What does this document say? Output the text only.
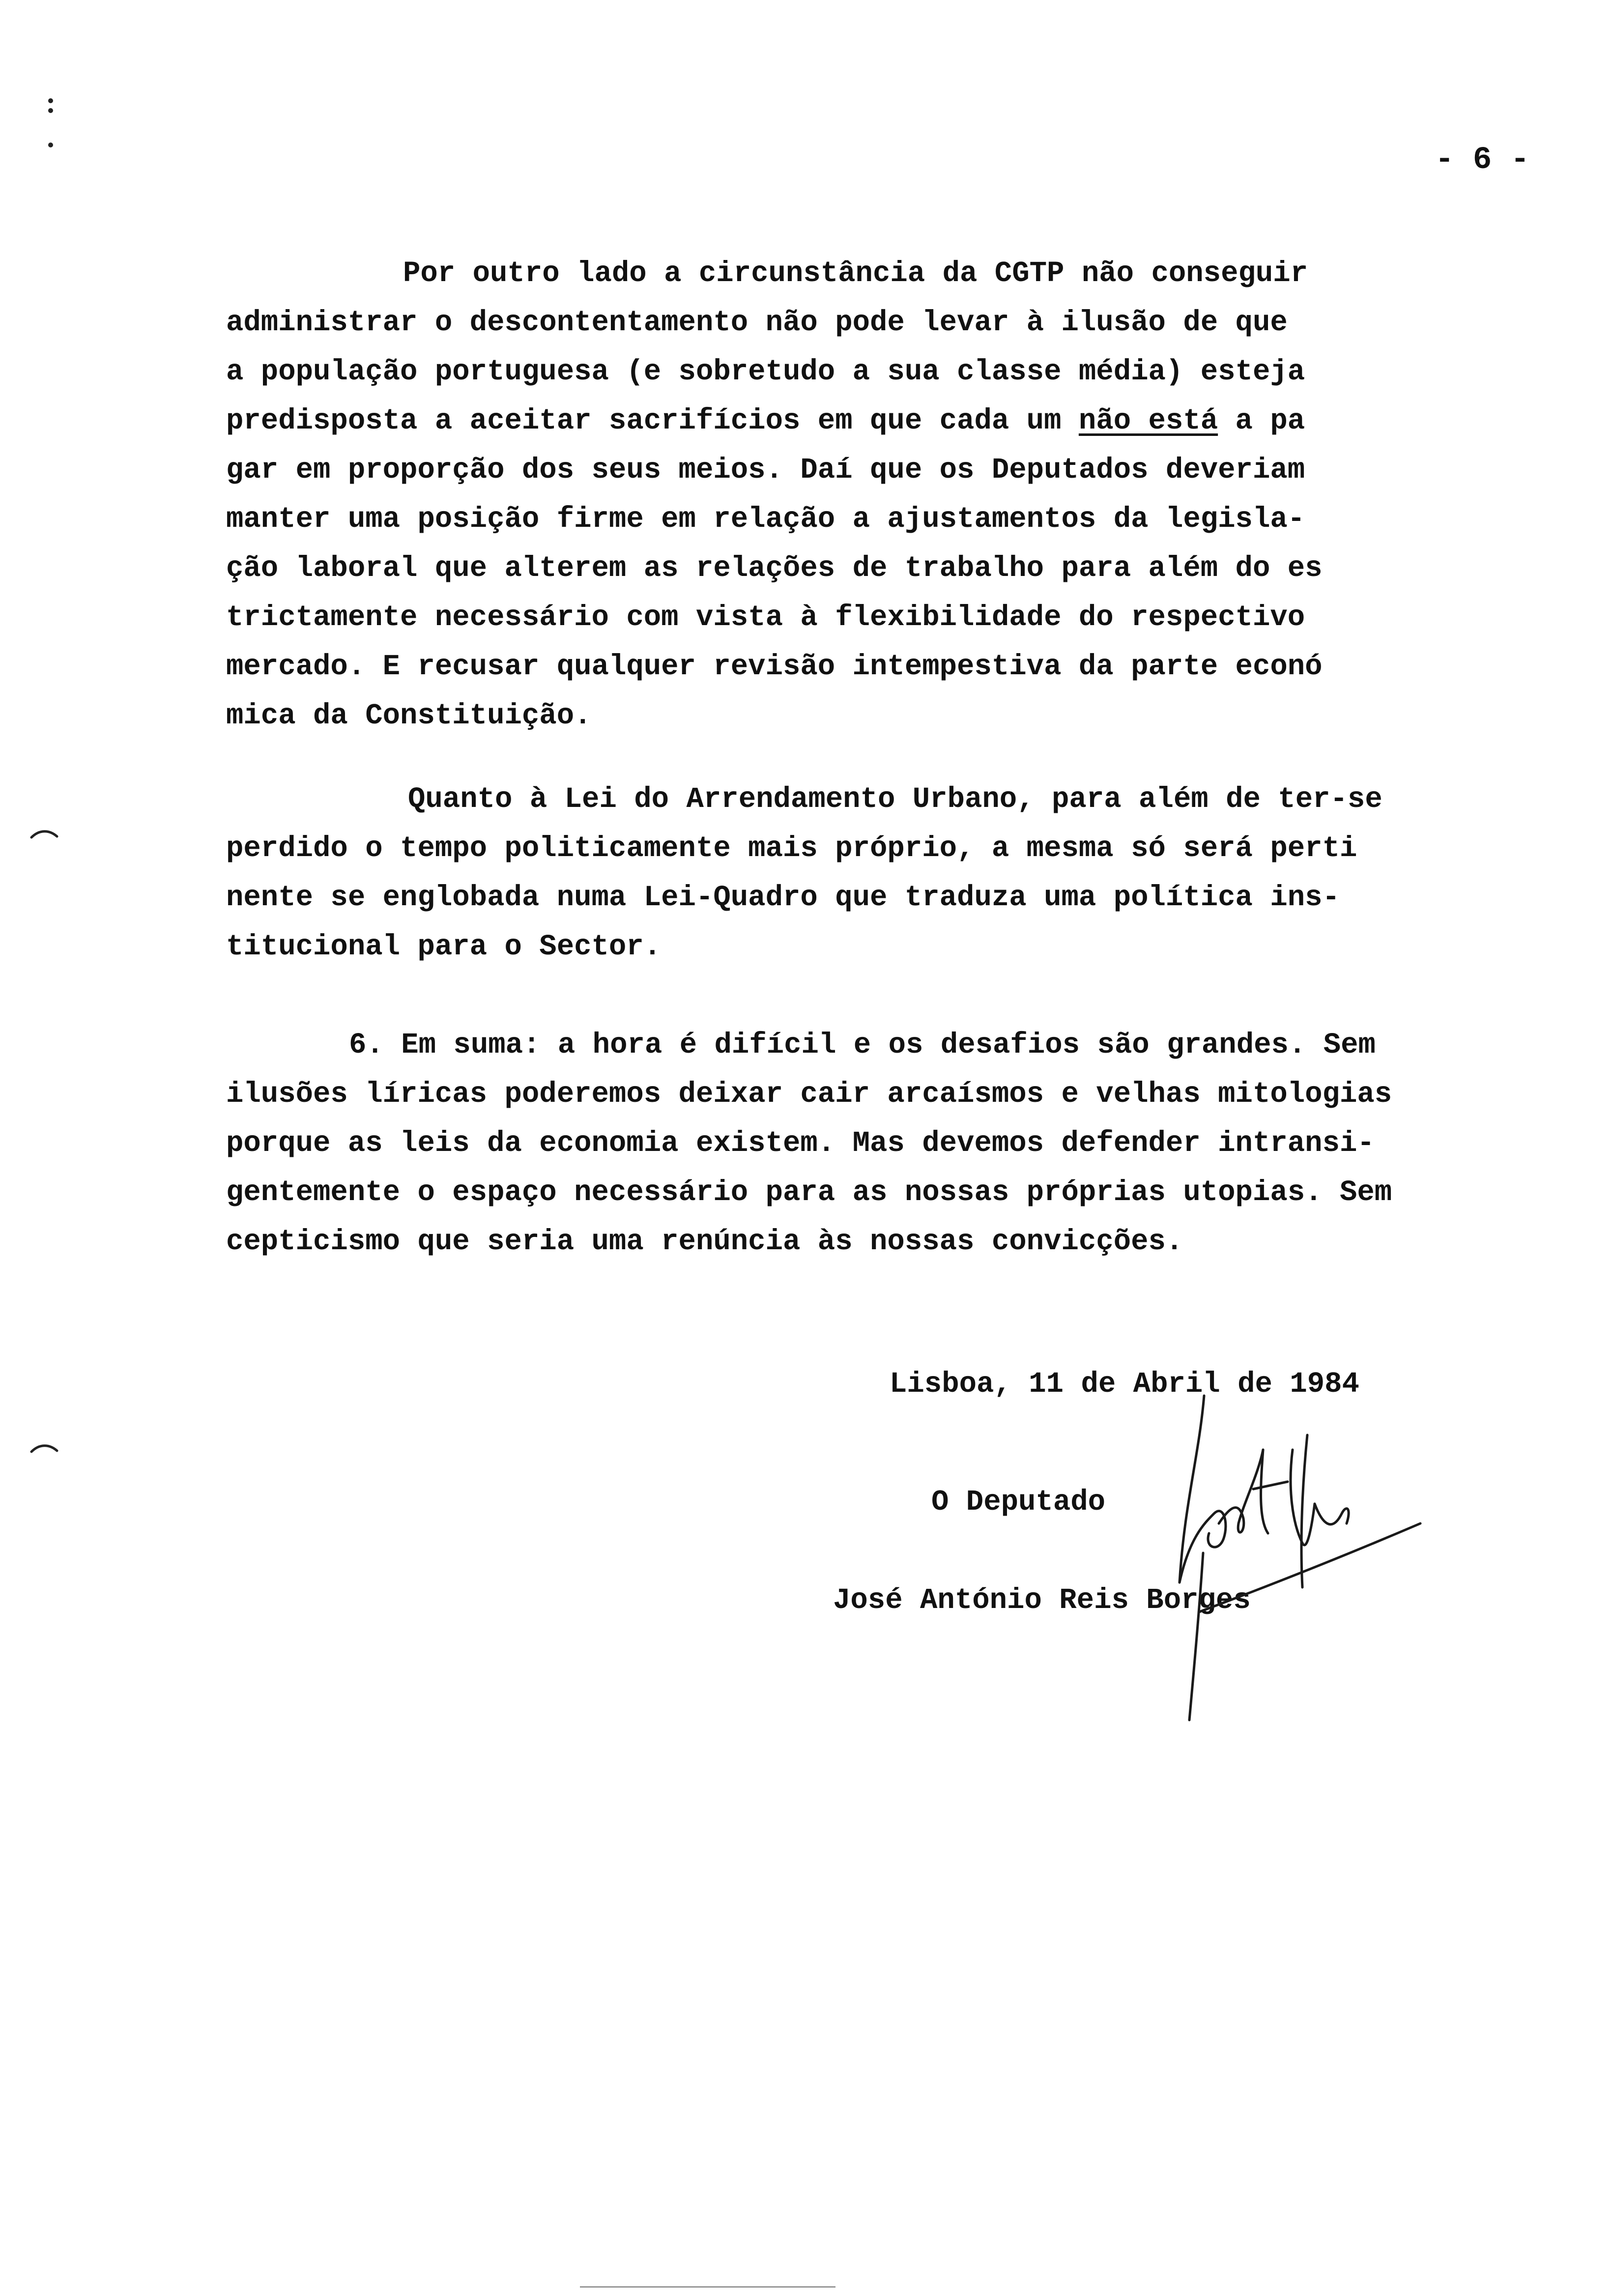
- 6 -
Por outro lado a circunstância da CGTP não conseguir
administrar o descontentamento não pode levar à ilusão de que
a população portuguesa (e sobretudo a sua classe média) esteja
predisposta a aceitar sacrifícios em que cada um não está a pa
gar em proporção dos seus meios. Daí que os Deputados deveriam
manter uma posição firme em relação a ajustamentos da legisla-
ção laboral que alterem as relações de trabalho para além do es
trictamente necessário com vista à flexibilidade do respectivo
mercado. E recusar qualquer revisão intempestiva da parte econó
mica da Constituição.
Quanto à Lei do Arrendamento Urbano, para além de ter-se
perdido o tempo politicamente mais próprio, a mesma só será perti
nente se englobada numa Lei-Quadro que traduza uma política ins-
titucional para o Sector.
6. Em suma: a hora é difícil e os desafios são grandes. Sem
ilusões líricas poderemos deixar cair arcaísmos e velhas mitologias
porque as leis da economia existem. Mas devemos defender intransi-
gentemente o espaço necessário para as nossas próprias utopias. Sem
cepticismo que seria uma renúncia às nossas convicções.
Lisboa, 11 de Abril de 1984
O Deputado
José António Reis Borges
